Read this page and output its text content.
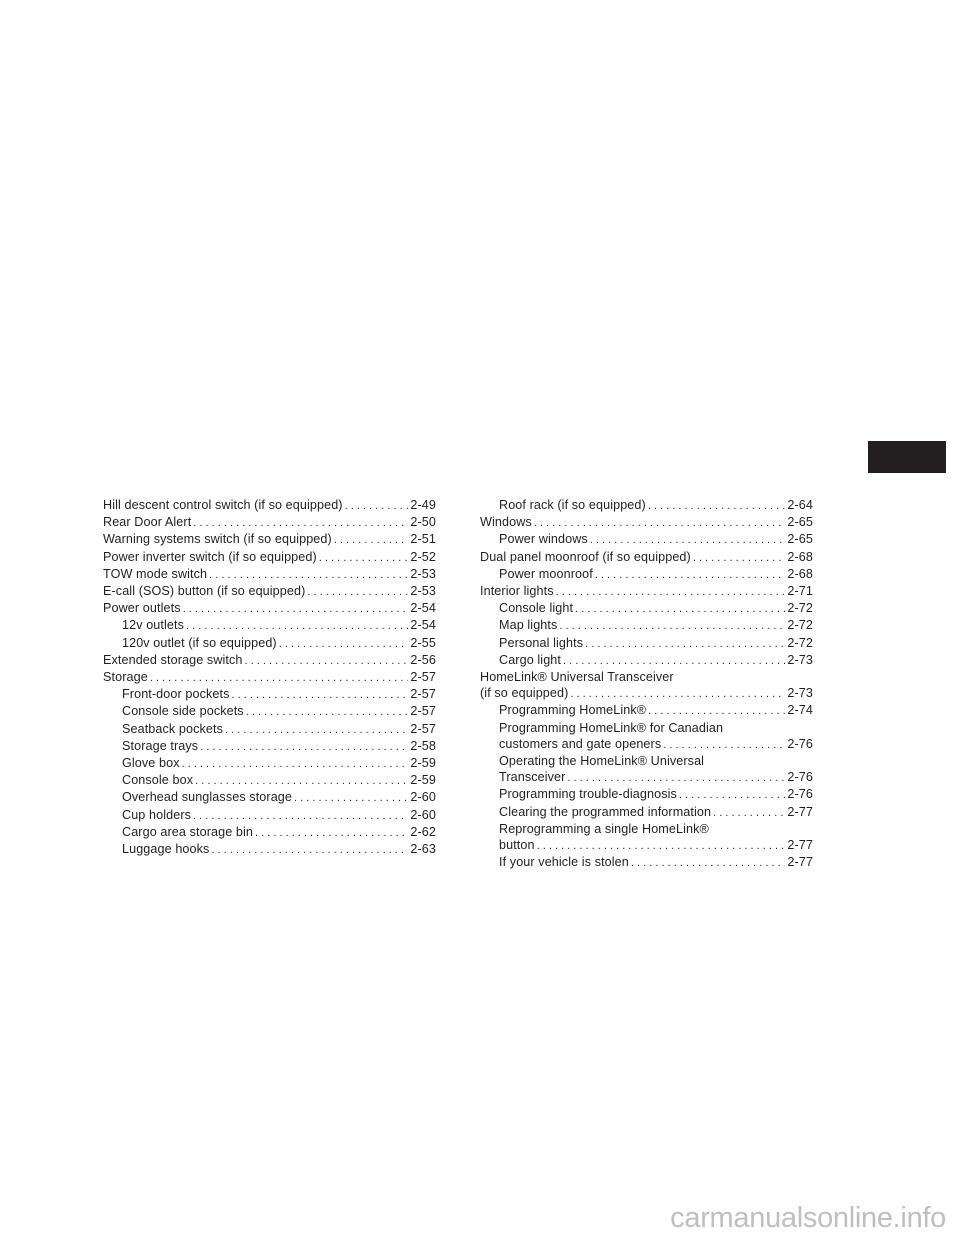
Hill descent control switch (if so equipped) . . .	2-49
Rear Door Alert . . .	2-50
Warning systems switch (if so equipped) . . .	2-51
Power inverter switch (if so equipped) . . .	2-52
TOW mode switch . . .	2-53
E-call (SOS) button (if so equipped) . . .	2-53
Power outlets . . .	2-54
12v outlets . . .	2-54
120v outlet (if so equipped) . . .	2-55
Extended storage switch . . .	2-56
Storage . . .	2-57
Front-door pockets . . .	2-57
Console side pockets . . .	2-57
Seatback pockets . . .	2-57
Storage trays . . .	2-58
Glove box . . .	2-59
Console box . . .	2-59
Overhead sunglasses storage . . .	2-60
Cup holders . . .	2-60
Cargo area storage bin . . .	2-62
Luggage hooks . . .	2-63
Roof rack (if so equipped) . . .	2-64
Windows . . .	2-65
Power windows . . .	2-65
Dual panel moonroof (if so equipped) . . .	2-68
Power moonroof . . .	2-68
Interior lights . . .	2-71
Console light . . .	2-72
Map lights . . .	2-72
Personal lights . . .	2-72
Cargo light . . .	2-73
HomeLink® Universal Transceiver
(if so equipped) . . .	2-73
Programming HomeLink® . . .	2-74
Programming HomeLink® for Canadian
customers and gate openers . . .	2-76
Operating the HomeLink® Universal
Transceiver . . .	2-76
Programming trouble-diagnosis . . .	2-76
Clearing the programmed information . . .	2-77
Reprogramming a single HomeLink®
button . . .	2-77
If your vehicle is stolen . . .	2-77
carmanualsonline.info
